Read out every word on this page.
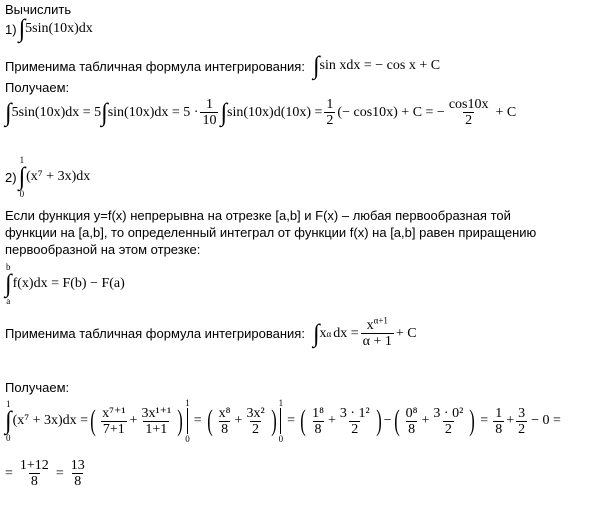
Вычислить
1) ∫ 5sin(10x)dx
Применима табличная формула интегрирования: ∫ sin xdx = − cos x + C
Получаем:
∫ 5sin(10x)dx = 5 ∫ $\sin(10x)dx = 5 \cdot \frac{1}{10}$ ∫ $\sin(10x)d(10x) = \frac{1}{2}$ (− cos10x) + C = − $\frac{\cos 10x}{2} + C$
2)
1
∫
0
(x⁷ + 3x)dx
Если функция y=f(x) непрерывна на отрезке [a,b] и F(x) – любая первообразная той
функции на [a,b], то определенный интеграл от функции f(x) на [a,b] равен приращению
первообразной на этом отрезке:
b
∫
a
f(x)dx = F(b) − F(a)
Применима табличная формула интегрирования: ∫ x α dx = $\frac{x^{\alpha+1}}{\alpha + 1} + C$
Получаем:
1
∫
0
(x⁷ + 3x)dx = ( $\frac{\text{x⁷⁺¹}}{7+1} + \frac{\text{3x¹⁺¹}}{1+1}$ )
1
0
= ( $\frac{\text{x⁸}}{8} + \frac{\text{3x²}}{2}$ )
1
0
= ( $\frac{\text{1⁸}}{8} + \frac{\text{3 · 1²}}{2}$ ) − ( $\frac{\text{0⁸}}{8} + \frac{\text{3 · 0²}}{2}$ ) = $\frac{1}{8} + \frac{3}{2} - 0$ =
= $\frac{1+12}{8} = \frac{13}{8}$
